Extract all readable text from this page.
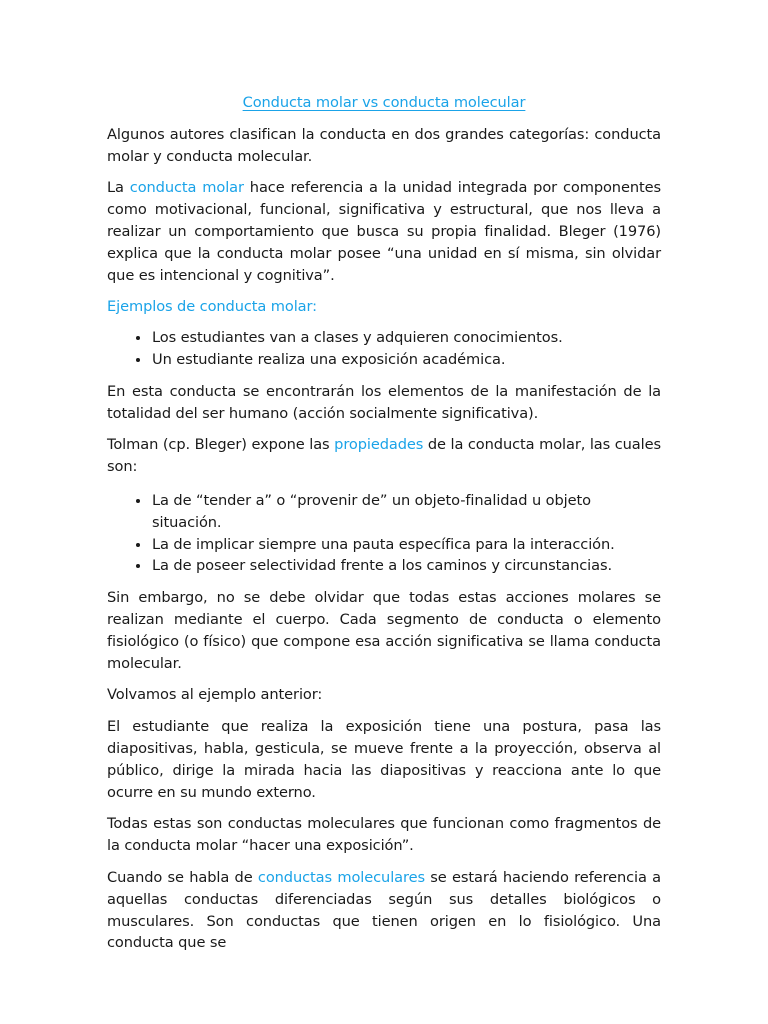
Conducta molar vs conducta molecular

Algunos autores clasifican la conducta en dos grandes categorías: conducta molar y conducta molecular.

La conducta molar hace referencia a la unidad integrada por componentes como motivacional, funcional, significativa y estructural, que nos lleva a realizar un comportamiento que busca su propia finalidad. Bleger (1976) explica que la conducta molar posee “una unidad en sí misma, sin olvidar que es intencional y cognitiva”.

Ejemplos de conducta molar:
• Los estudiantes van a clases y adquieren conocimientos.
• Un estudiante realiza una exposición académica.

En esta conducta se encontrarán los elementos de la manifestación de la totalidad del ser humano (acción socialmente significativa).

Tolman (cp. Bleger) expone las propiedades de la conducta molar, las cuales son:

• La de “tender a” o “provenir de” un objeto-finalidad u objeto situación.
• La de implicar siempre una pauta específica para la interacción.
• La de poseer selectividad frente a los caminos y circunstancias.

Sin embargo, no se debe olvidar que todas estas acciones molares se realizan mediante el cuerpo. Cada segmento de conducta o elemento fisiológico (o físico) que compone esa acción significativa se llama conducta molecular.

Volvamos al ejemplo anterior:

El estudiante que realiza la exposición tiene una postura, pasa las diapositivas, habla, gesticula, se mueve frente a la proyección, observa al público, dirige la mirada hacia las diapositivas y reacciona ante lo que ocurre en su mundo externo.

Todas estas son conductas moleculares que funcionan como fragmentos de la conducta molar “hacer una exposición”.

Cuando se habla de conductas moleculares se estará haciendo referencia a aquellas conductas diferenciadas según sus detalles biológicos o musculares. Son conductas que tienen origen en lo fisiológico. Una conducta que se
